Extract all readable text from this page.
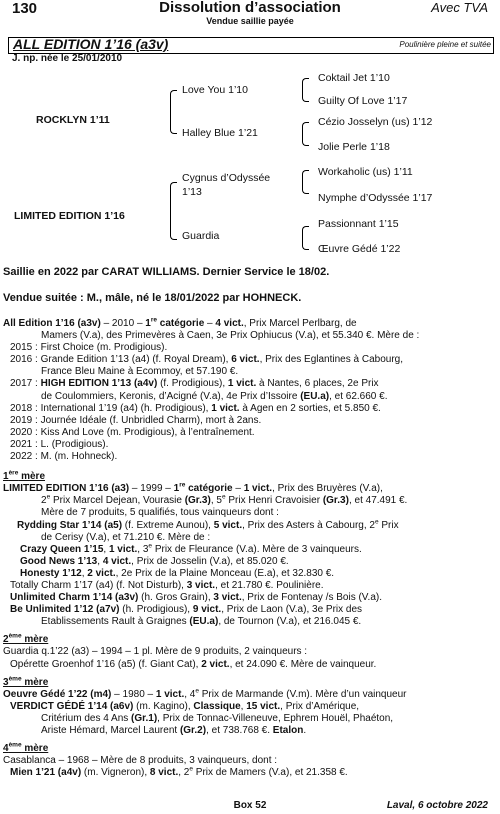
130	Dissolution d’association	Avec TVA
Vendue saillie payée
ALL EDITION 1’16 (a3v)	Poulinière pleine et suitée
J. np. née le 25/01/2010
ROCKLYN 1’11
LIMITED EDITION 1’16
Love You 1’10
Halley Blue 1’21
Cygnus d’Odyssée
1’13
Guardia
Coktail Jet 1’10
Guilty Of Love 1’17
Cézio Josselyn (us) 1’12
Jolie Perle 1’18
Workaholic (us) 1’11
Nymphe d’Odyssée 1’17
Passionnant 1’15
Œuvre Gédé 1’22
Saillie en 2022 par CARAT WILLIAMS. Dernier Service le 18/02.
Vendue suitée : M., mâle, né le 18/01/2022 par HOHNECK.

All Edition 1’16 (a3v) – 2010 – 1re catégorie – 4 vict., Prix Marcel Perlbarg, de

Mamers (V.a), des Primevères à Caen, 3e Prix Ophiucus (V.a), et 55.340 €. Mère de :

2015 : First Choice (m. Prodigious).

2016 : Grande Edition 1’13 (a4) (f. Royal Dream), 6 vict., Prix des Eglantines à Cabourg,

France Bleu Maine à Ecommoy, et 57.190 €.

2017 : HIGH EDITION 1’13 (a4v) (f. Prodigious), 1 vict. à Nantes, 6 places, 2e Prix

de Coulommiers, Keronis, d’Acigné (V.a), 4e Prix d’Issoire (EU.a), et 62.660 €.

2018 : International 1’19 (a4) (h. Prodigious), 1 vict. à Agen en 2 sorties, et 5.850 €.

2019 : Journée Idéale (f. Unbridled Charm), mort à 2ans.

2020 : Kiss And Love (m. Prodigious), à l’entraînement.

2021 : L. (Prodigious).

2022 : M. (m. Hohneck).

1ère mère

LIMITED EDITION 1’16 (a3) – 1999 – 1re catégorie – 1 vict., Prix des Bruyères (V.a),

2e Prix Marcel Dejean, Vourasie (Gr.3), 5e Prix Henri Cravoisier (Gr.3), et 47.491 €.

Mère de 7 produits, 5 qualifiés, tous vainqueurs dont :

Rydding Star 1’14 (a5) (f. Extreme Aunou), 5 vict., Prix des Asters à Cabourg, 2e Prix

de Cerisy (V.a), et 71.210 €. Mère de :

Crazy Queen 1’15, 1 vict., 3e Prix de Fleurance (V.a). Mère de 3 vainqueurs.

Good News 1’13, 4 vict., Prix de Josselin (V.a), et 85.020 €.

Honesty 1’12, 2 vict., 2e Prix de la Plaine Monceau (E.a), et 32.830 €.

Totally Charm 1’17 (a4) (f. Not Disturb), 3 vict., et 21.780 €. Poulinière.

Unlimited Charm 1’14 (a3v) (h. Gros Grain), 3 vict., Prix de Fontenay /s Bois (V.a).

Be Unlimited 1’12 (a7v) (h. Prodigious), 9 vict., Prix de Laon (V.a), 3e Prix des

Etablissements Rault à Graignes (EU.a), de Tournon (V.a), et 216.045 €.

2ème mère

Guardia q.1’22 (a3) – 1994 – 1 pl. Mère de 9 produits, 2 vainqueurs :

Opérette Groenhof 1’16 (a5) (f. Giant Cat), 2 vict., et 24.090 €. Mère de vainqueur.

3ème mère

Oeuvre Gédé 1’22 (m4) – 1980 – 1 vict., 4e Prix de Marmande (V.m). Mère d’un vainqueur

VERDICT GÉDÉ 1’14 (a6v) (m. Kagino), Classique, 15 vict., Prix d’Amérique,

Critérium des 4 Ans (Gr.1), Prix de Tonnac-Villeneuve, Ephrem Houël, Phaéton,

Ariste Hémard, Marcel Laurent (Gr.2), et 738.768 €. Etalon.

4ème mère

Casablanca – 1968 – Mère de 8 produits, 3 vainqueurs, dont :

Mien 1’21 (a4v) (m. Vigneron), 8 vict., 2e Prix de Mamers (V.a), et 21.358 €.

Box 52	Laval, 6 octobre 2022
